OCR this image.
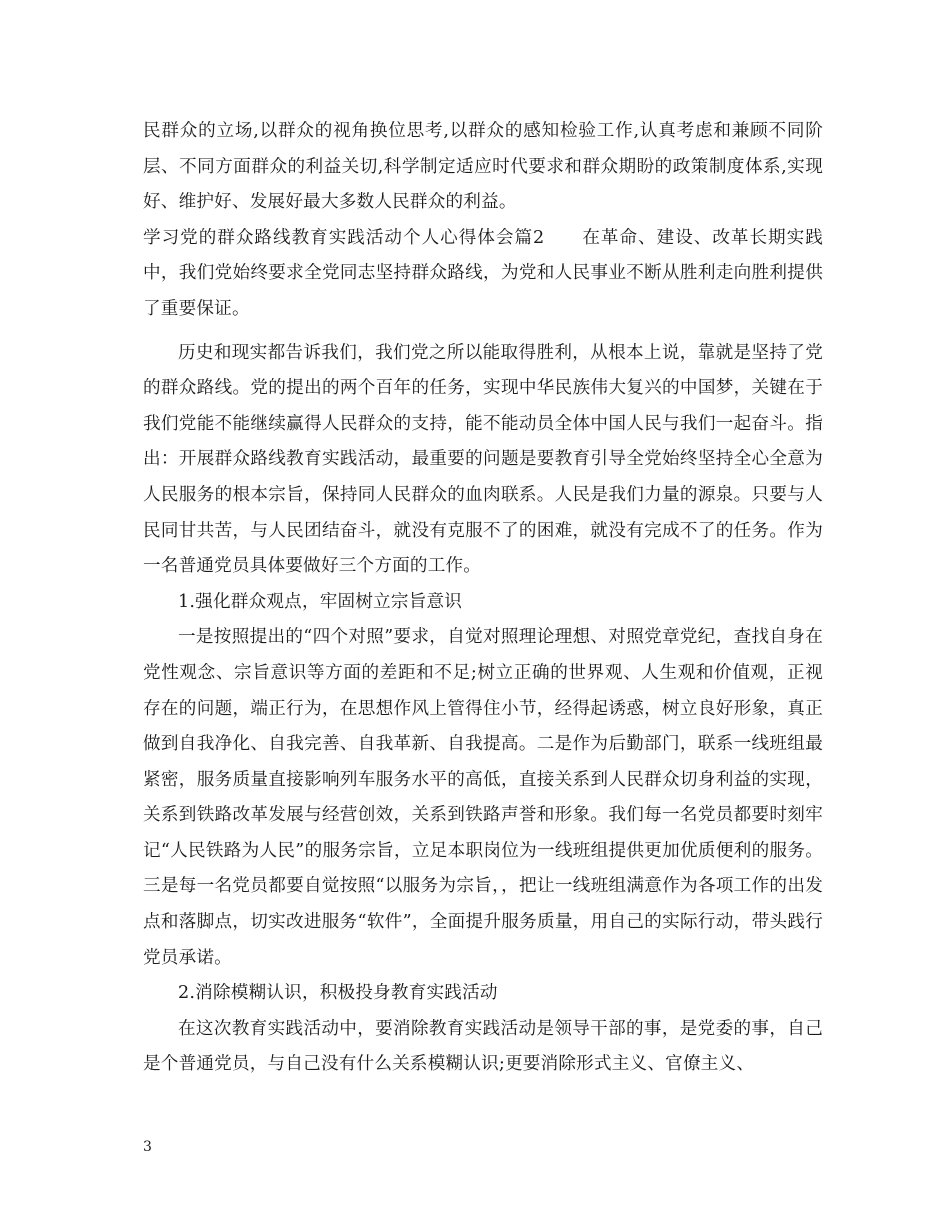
民群众的立场,以群众的视角换位思考,以群众的感知检验工作,认真考虑和兼顾不同阶层、不同方面群众的利益关切,科学制定适应时代要求和群众期盼的政策制度体系,实现好、维护好、发展好最大多数人民群众的利益。

学习党的群众路线教育实践活动个人心得体会篇2　　在革命、建设、改革长期实践中，我们党始终要求全党同志坚持群众路线，为党和人民事业不断从胜利走向胜利提供了重要保证。

历史和现实都告诉我们，我们党之所以能取得胜利，从根本上说，靠就是坚持了党的群众路线。党的提出的两个百年的任务，实现中华民族伟大复兴的中国梦，关键在于我们党能不能继续赢得人民群众的支持，能不能动员全体中国人民与我们一起奋斗。指出：开展群众路线教育实践活动，最重要的问题是要教育引导全党始终坚持全心全意为人民服务的根本宗旨，保持同人民群众的血肉联系。人民是我们力量的源泉。只要与人民同甘共苦，与人民团结奋斗，就没有克服不了的困难，就没有完成不了的任务。作为一名普通党员具体要做好三个方面的工作。

1.强化群众观点，牢固树立宗旨意识

一是按照提出的“四个对照”要求，自觉对照理论理想、对照党章党纪，查找自身在党性观念、宗旨意识等方面的差距和不足;树立正确的世界观、人生观和价值观，正视存在的问题，端正行为，在思想作风上管得住小节，经得起诱惑，树立良好形象，真正做到自我净化、自我完善、自我革新、自我提高。二是作为后勤部门，联系一线班组最紧密，服务质量直接影响列车服务水平的高低，直接关系到人民群众切身利益的实现，关系到铁路改革发展与经营创效，关系到铁路声誉和形象。我们每一名党员都要时刻牢记“人民铁路为人民”的服务宗旨，立足本职岗位为一线班组提供更加优质便利的服务。三是每一名党员都要自觉按照“以服务为宗旨，，把让一线班组满意作为各项工作的出发点和落脚点，切实改进服务“软件”，全面提升服务质量，用自己的实际行动，带头践行党员承诺。

2.消除模糊认识，积极投身教育实践活动

在这次教育实践活动中，要消除教育实践活动是领导干部的事，是党委的事，自己是个普通党员，与自己没有什么关系模糊认识;更要消除形式主义、官僚主义、

3
